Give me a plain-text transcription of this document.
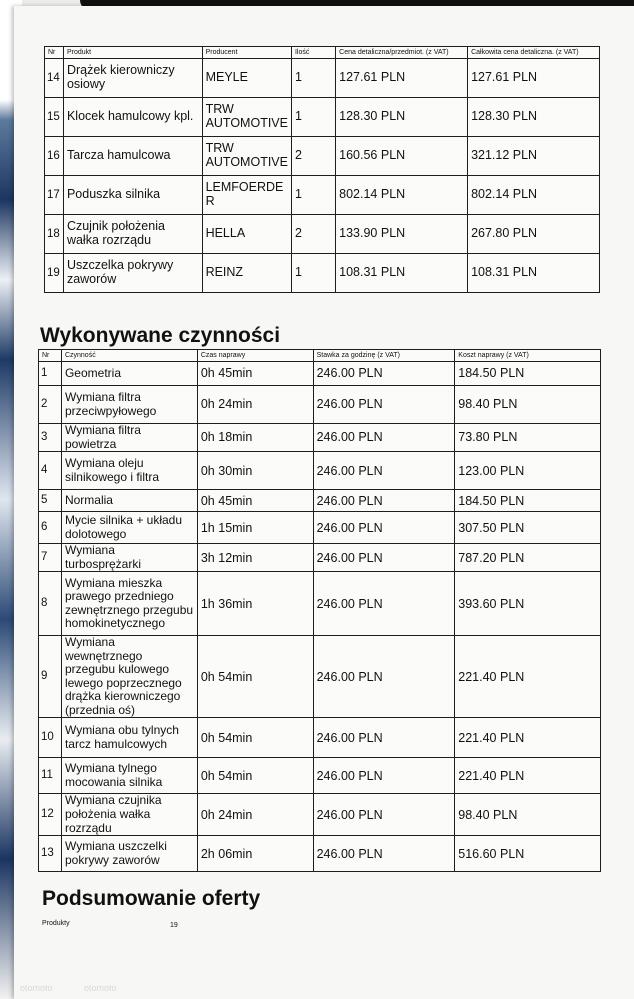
Nr	Produkt	Producent	Ilość	Cena detaliczna/przedmiot. (z VAT)	Całkowita cena detaliczna. (z VAT)
14	Drążek kierowniczy osiowy	MEYLE	1	127.61 PLN	127.61 PLN
15	Klocek hamulcowy kpl.	TRW AUTOMOTIVE	1	128.30 PLN	128.30 PLN
16	Tarcza hamulcowa	TRW AUTOMOTIVE	2	160.56 PLN	321.12 PLN
17	Poduszka silnika	LEMFOERDE R	1	802.14 PLN	802.14 PLN
18	Czujnik położenia wałka rozrządu	HELLA	2	133.90 PLN	267.80 PLN
19	Uszczelka pokrywy zaworów	REINZ	1	108.31 PLN	108.31 PLN
Wykonywane czynności
Nr	Czynność	Czas naprawy	Stawka za godzinę (z VAT)	Koszt naprawy (z VAT)
1	Geometria	0h 45min	246.00 PLN	184.50 PLN
2	Wymiana filtra przeciwpyłowego	0h 24min	246.00 PLN	98.40 PLN
3	Wymiana filtra powietrza	0h 18min	246.00 PLN	73.80 PLN
4	Wymiana oleju silnikowego i filtra	0h 30min	246.00 PLN	123.00 PLN
5	Normalia	0h 45min	246.00 PLN	184.50 PLN
6	Mycie silnika + układu dolotowego	1h 15min	246.00 PLN	307.50 PLN
7	Wymiana turbosprężarki	3h 12min	246.00 PLN	787.20 PLN
8	Wymiana mieszka prawego przedniego zewnętrznego przegubu homokinetycznego	1h 36min	246.00 PLN	393.60 PLN
9	Wymiana wewnętrznego przegubu kulowego lewego poprzecznego drążka kierowniczego (przednia oś)	0h 54min	246.00 PLN	221.40 PLN
10	Wymiana obu tylnych tarcz hamulcowych	0h 54min	246.00 PLN	221.40 PLN
11	Wymiana tylnego mocowania silnika	0h 54min	246.00 PLN	221.40 PLN
12	Wymiana czujnika położenia wałka rozrządu	0h 24min	246.00 PLN	98.40 PLN
13	Wymiana uszczelki pokrywy zaworów	2h 06min	246.00 PLN	516.60 PLN
Podsumowanie oferty
Produkty	19
otomoto	otomoto
